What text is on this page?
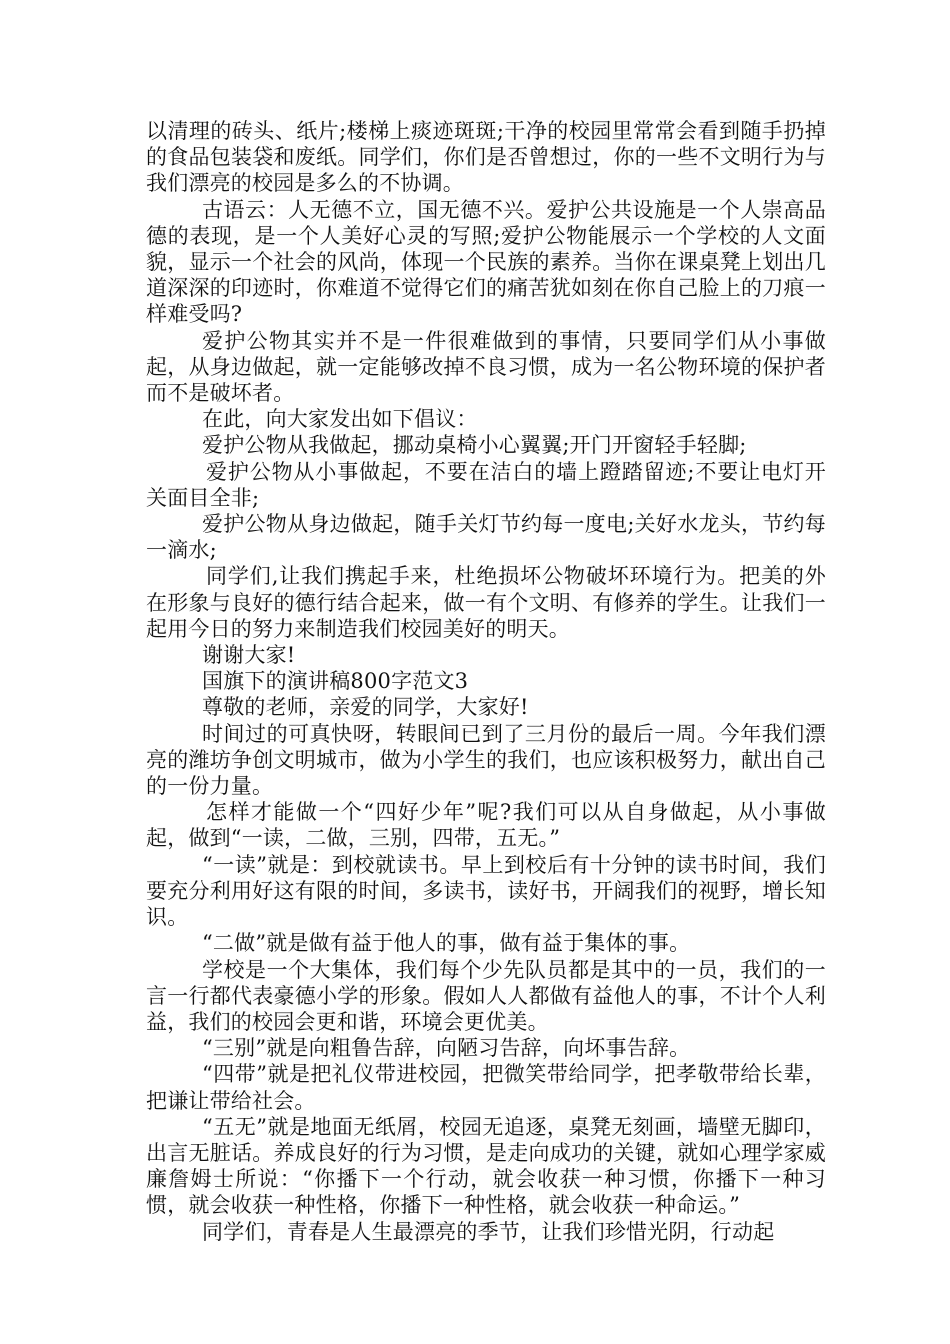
以清理的砖头、纸片;楼梯上痰迹斑斑;干净的校园里常常会看到随手扔掉的食品包装袋和废纸。同学们，你们是否曾想过，你的一些不文明行为与我们漂亮的校园是多么的不协调。

古语云：人无德不立，国无德不兴。爱护公共设施是一个人崇高品德的表现，是一个人美好心灵的写照;爱护公物能展示一个学校的人文面貌，显示一个社会的风尚，体现一个民族的素养。当你在课桌凳上划出几道深深的印迹时，你难道不觉得它们的痛苦犹如刻在你自己脸上的刀痕一样难受吗?

爱护公物其实并不是一件很难做到的事情，只要同学们从小事做起，从身边做起，就一定能够改掉不良习惯，成为一名公物环境的保护者而不是破坏者。

在此，向大家发出如下倡议：

爱护公物从我做起，挪动桌椅小心翼翼;开门开窗轻手轻脚;

爱护公物从小事做起，不要在洁白的墙上蹬踏留迹;不要让电灯开关面目全非;

爱护公物从身边做起，随手关灯节约每一度电;关好水龙头，节约每一滴水;

同学们,让我们携起手来，杜绝损坏公物破坏环境行为。把美的外在形象与良好的德行结合起来，做一有个文明、有修养的学生。让我们一起用今日的努力来制造我们校园美好的明天。

谢谢大家!

国旗下的演讲稿800字范文3

尊敬的老师，亲爱的同学，大家好!

时间过的可真快呀，转眼间已到了三月份的最后一周。今年我们漂亮的潍坊争创文明城市，做为小学生的我们，也应该积极努力，献出自己的一份力量。

怎样才能做一个“四好少年”呢?我们可以从自身做起，从小事做起，做到“一读，二做，三别，四带，五无。”

“一读”就是：到校就读书。早上到校后有十分钟的读书时间，我们要充分利用好这有限的时间，多读书，读好书，开阔我们的视野，增长知识。

“二做”就是做有益于他人的事，做有益于集体的事。

学校是一个大集体，我们每个少先队员都是其中的一员，我们的一言一行都代表豪德小学的形象。假如人人都做有益他人的事，不计个人利益，我们的校园会更和谐，环境会更优美。

“三别”就是向粗鲁告辞，向陋习告辞，向坏事告辞。

“四带”就是把礼仪带进校园，把微笑带给同学，把孝敬带给长辈，把谦让带给社会。

“五无”就是地面无纸屑，校园无追逐，桌凳无刻画，墙壁无脚印，出言无脏话。养成良好的行为习惯，是走向成功的关键，就如心理学家威廉詹姆士所说：“你播下一个行动，就会收获一种习惯，你播下一种习惯，就会收获一种性格，你播下一种性格，就会收获一种命运。”

同学们，青春是人生最漂亮的季节，让我们珍惜光阴，行动起
